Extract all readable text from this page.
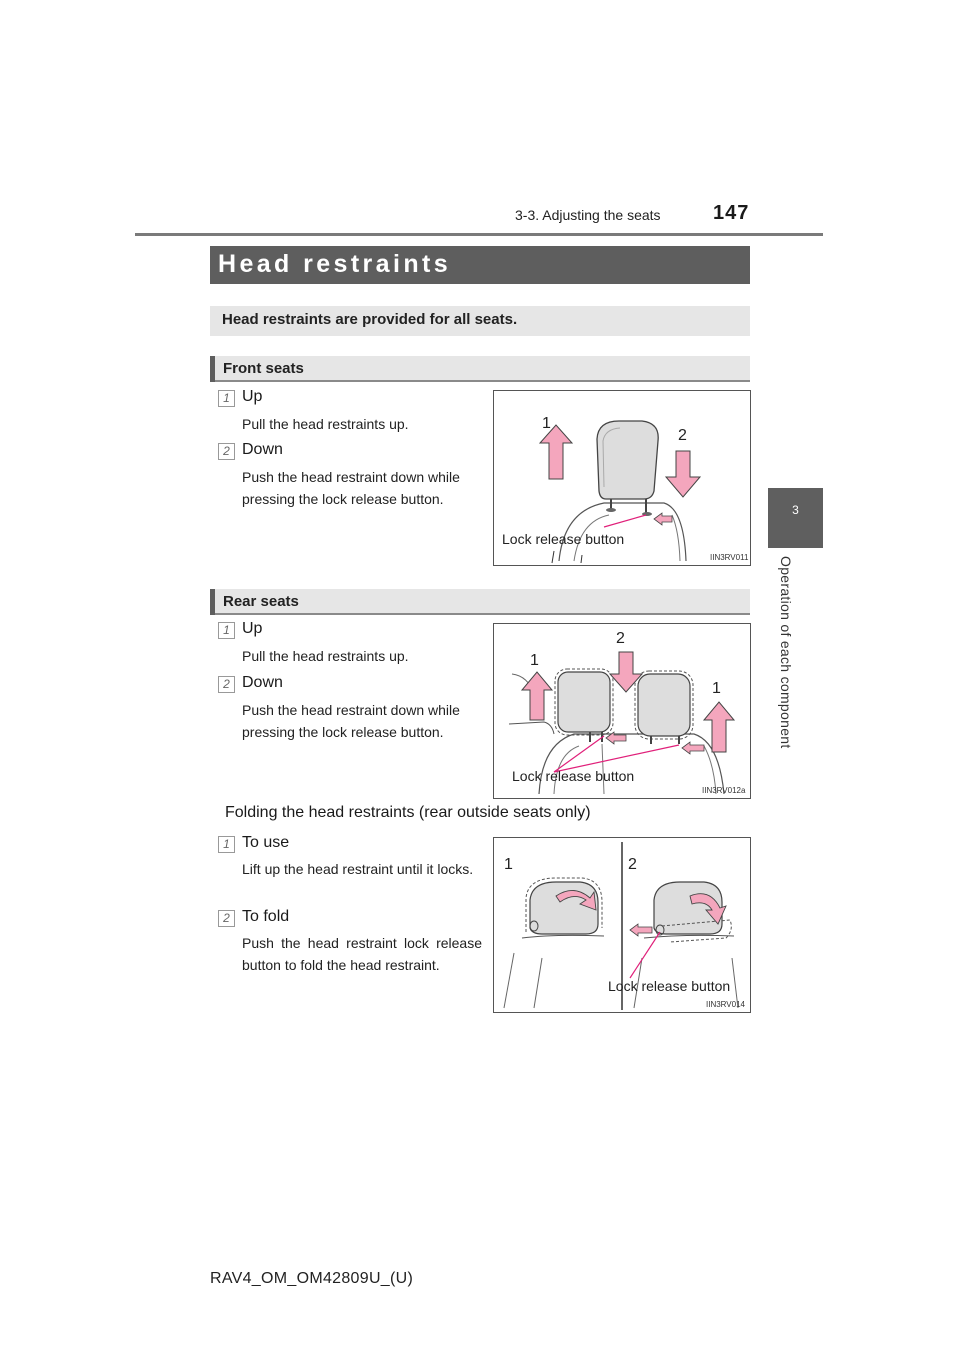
3-3. Adjusting the seats	147
3
Operation of each component
Head restraints
Head restraints are provided for all seats.
Front seats
1 Up
Pull the head restraints up.
2 Down
Push the head restraint down while pressing the lock release button.
1
2
Lock release button
IIN3RV011
Rear seats
1 Up
Pull the head restraints up.
2 Down
Push the head restraint down while pressing the lock release button.
1
2
1
Lock release button
IIN3RV012a
Folding the head restraints (rear outside seats only)
1 To use
Lift up the head restraint until it locks.
2 To fold
Push the head restraint lock release button to fold the head restraint.
1	2
Lock release button
IIN3RV014
RAV4_OM_OM42809U_(U)
